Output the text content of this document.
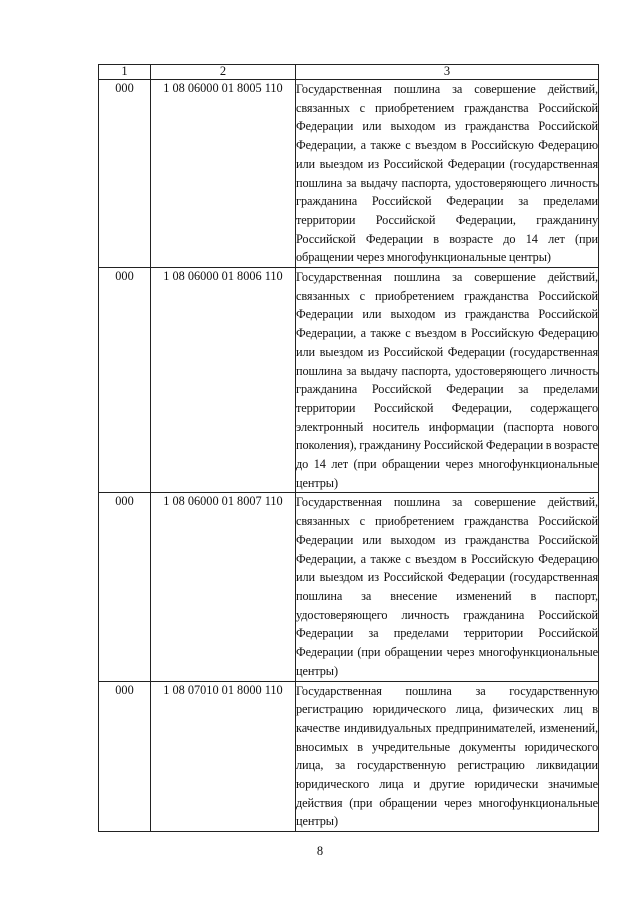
1	2	3
000	1 08 06000 01 8005 110	Государственная пошлина за совершение действий, связанных с приобретением гражданства Российской Федерации или выходом из гражданства Российской Федерации, а также с въездом в Российскую Федерацию или выездом из Российской Федерации (государственная пошлина за выдачу паспорта, удостоверяющего личность гражданина Российской Федерации за пределами территории Российской Федерации, гражданину Российской Федерации в возрасте до 14 лет (при обращении через многофункциональные центры)
000	1 08 06000 01 8006 110	Государственная пошлина за совершение действий, связанных с приобретением гражданства Российской Федерации или выходом из гражданства Российской Федерации, а также с въездом в Российскую Федерацию или выездом из Российской Федерации (государственная пошлина за выдачу паспорта, удостоверяющего личность гражданина Российской Федерации за пределами территории Российской Федерации, содержащего электронный носитель информации (паспорта нового поколения), гражданину Российской Федерации в возрасте до 14 лет (при обращении через многофункциональные центры)
000	1 08 06000 01 8007 110	Государственная пошлина за совершение действий, связанных с приобретением гражданства Российской Федерации или выходом из гражданства Российской Федерации, а также с въездом в Российскую Федерацию или выездом из Российской Федерации (государственная пошлина за внесение изменений в паспорт, удостоверяющего личность гражданина Российской Федерации за пределами территории Российской Федерации (при обращении через многофункциональные центры)
000	1 08 07010 01 8000 110	Государственная пошлина за государственную регистрацию юридического лица, физических лиц в качестве индивидуальных предпринимателей, изменений, вносимых в учредительные документы юридического лица, за государственную регистрацию ликвидации юридического лица и другие юридически значимые действия (при обращении через многофункциональные центры)
8
